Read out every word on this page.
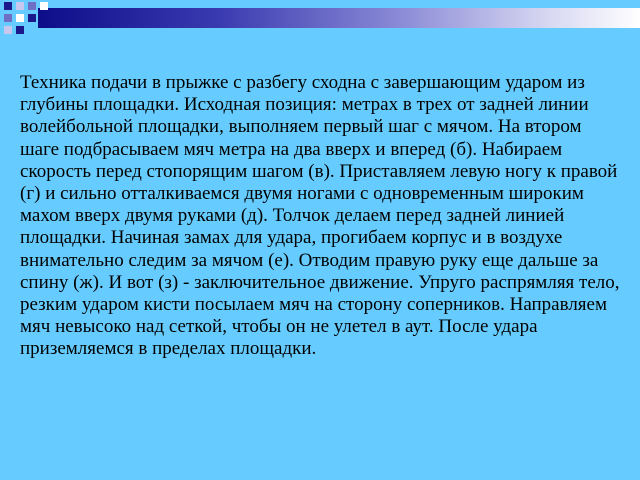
Техника подачи в прыжке с разбегу сходна с завершающим ударом из глубины площадки. Исходная позиция: метрах в трех от задней линии волейбольной площадки, выполняем первый шаг с мячом. На втором шаге подбрасываем мяч метра на два вверх и вперед (б). Набираем скорость перед стопорящим шагом (в). Приставляем левую ногу к правой (г) и сильно отталкиваемся двумя ногами с одновременным широким махом вверх двумя руками (д). Толчок делаем перед задней линией площадки. Начиная замах для удара, прогибаем корпус и в воздухе внимательно следим за мячом (е). Отводим правую руку еще дальше за спину (ж). И вот (з) - заключительное движение. Упруго распрямляя тело, резким ударом кисти посылаем мяч на сторону соперников. Направляем мяч невысоко над сеткой, чтобы он не улетел в аут. После удара приземляемся в пределах площадки.
